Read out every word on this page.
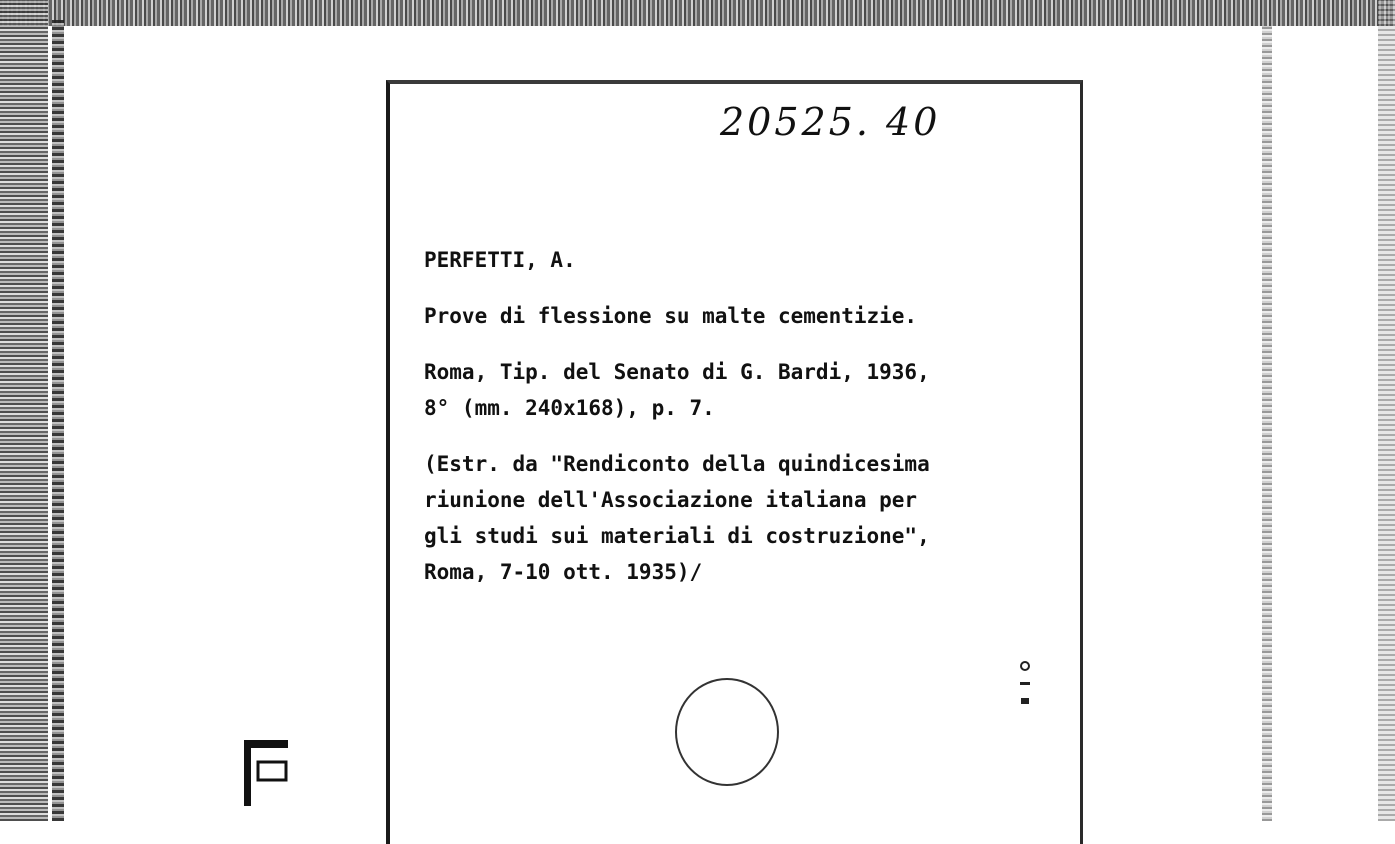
20525. 40

PERFETTI, A.

Prove di flessione su malte cementizie.

Roma, Tip. del Senato di G. Bardi, 1936,
8° (mm. 240x168), p. 7.

(Estr. da "Rendiconto della quindicesima
riunione dell'Associazione italiana per
gli studi sui materiali di costruzione",
Roma, 7-10 ott. 1935)/
